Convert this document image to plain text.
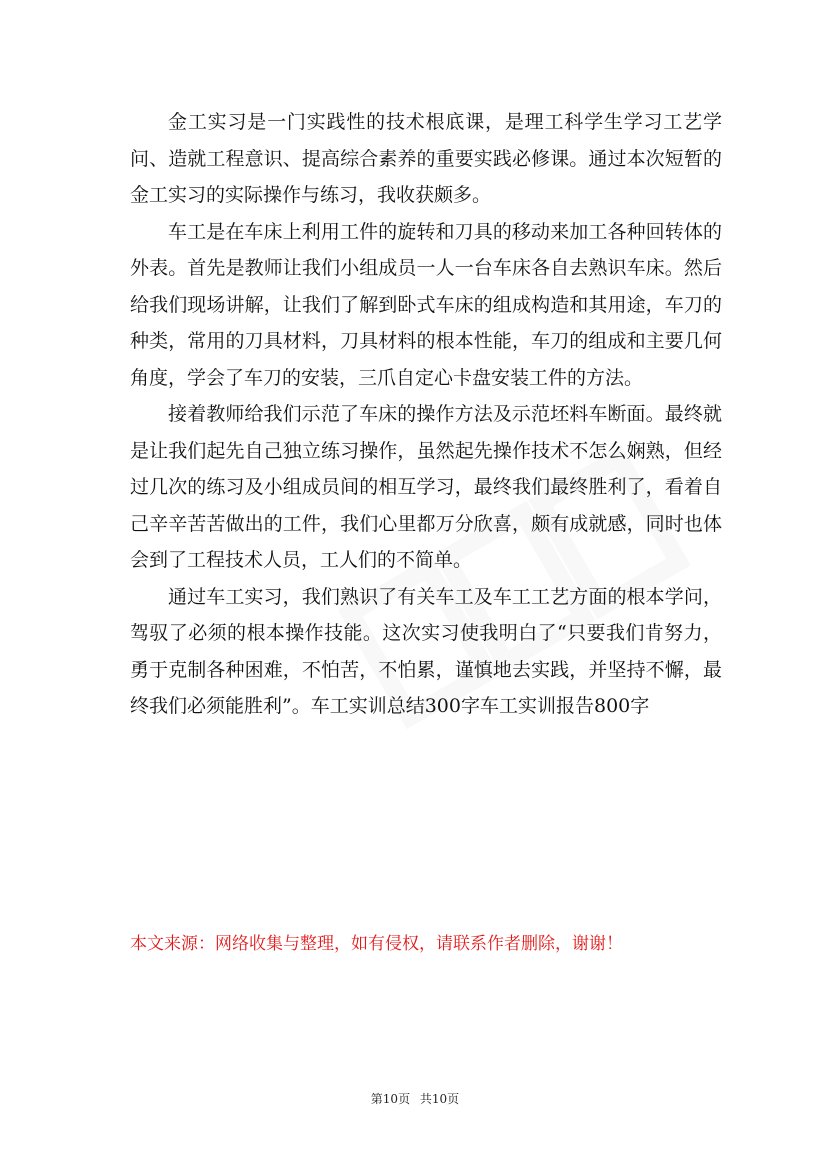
金工实习是一门实践性的技术根底课，是理工科学生学习工艺学问、造就工程意识、提高综合素养的重要实践必修课。通过本次短暂的金工实习的实际操作与练习，我收获颇多。

车工是在车床上利用工件的旋转和刀具的移动来加工各种回转体的外表。首先是教师让我们小组成员一人一台车床各自去熟识车床。然后给我们现场讲解，让我们了解到卧式车床的组成构造和其用途，车刀的种类，常用的刀具材料，刀具材料的根本性能，车刀的组成和主要几何角度，学会了车刀的安装，三爪自定心卡盘安装工件的方法。

接着教师给我们示范了车床的操作方法及示范坯料车断面。最终就是让我们起先自己独立练习操作，虽然起先操作技术不怎么娴熟，但经过几次的练习及小组成员间的相互学习，最终我们最终胜利了，看着自己辛辛苦苦做出的工件，我们心里都万分欣喜，颇有成就感，同时也体会到了工程技术人员，工人们的不简单。

通过车工实习，我们熟识了有关车工及车工工艺方面的根本学问，驾驭了必须的根本操作技能。这次实习使我明白了“只要我们肯努力，勇于克制各种困难，不怕苦，不怕累，谨慎地去实践，并坚持不懈，最终我们必须能胜利”。车工实训总结300字车工实训报告800字

本文来源：网络收集与整理，如有侵权，请联系作者删除，谢谢！
第10页 共10页
